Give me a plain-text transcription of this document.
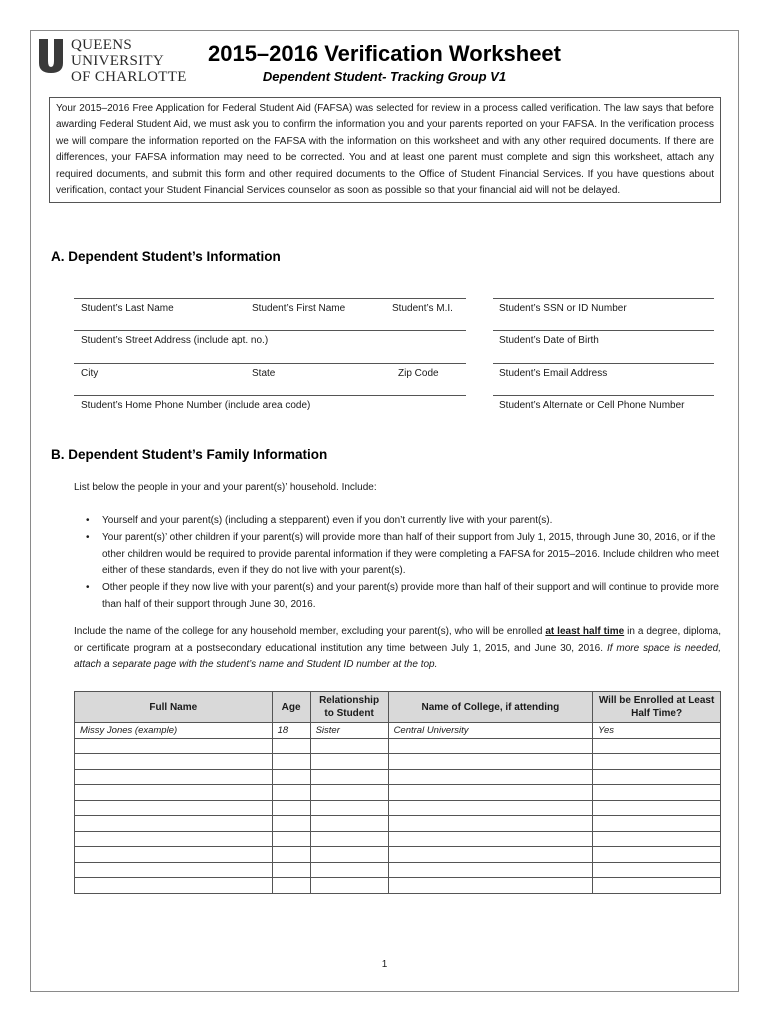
QUEENS UNIVERSITY
OF CHARLOTTE
2015–2016 Verification Worksheet
Dependent Student- Tracking Group V1
Your 2015–2016 Free Application for Federal Student Aid (FAFSA) was selected for review in a process called verification. The law says that before awarding Federal Student Aid, we must ask you to confirm the information you and your parents reported on your FAFSA. In the verification process we will compare the information reported on the FAFSA with the information on this worksheet and with any other required documents. If there are differences, your FAFSA information may need to be corrected. You and at least one parent must complete and sign this worksheet, attach any required documents, and submit this form and other required documents to the Office of Student Financial Services. If you have questions about verification, contact your Student Financial Services counselor as soon as possible so that your financial aid will not be delayed.
A. Dependent Student’s Information
Student’s Last Name	Student’s First Name	Student’s M.I.	Student’s SSN or ID Number
Student’s Street Address (include apt. no.)	Student’s Date of Birth
City	State	Zip Code	Student’s Email Address
Student’s Home Phone Number (include area code)	Student’s Alternate or Cell Phone Number
B. Dependent Student’s Family Information
List below the people in your and your parent(s)’ household. Include:
• Yourself and your parent(s) (including a stepparent) even if you don’t currently live with your parent(s).
• Your parent(s)’ other children if your parent(s) will provide more than half of their support from July 1, 2015, through June 30, 2016, or if the other children would be required to provide parental information if they were completing a FAFSA for 2015–2016. Include children who meet either of these standards, even if they do not live with your parent(s).
• Other people if they now live with your parent(s) and your parent(s) provide more than half of their support and will continue to provide more than half of their support through June 30, 2016.
Include the name of the college for any household member, excluding your parent(s), who will be enrolled at least half time in a degree, diploma, or certificate program at a postsecondary educational institution any time between July 1, 2015, and June 30, 2016. If more space is needed, attach a separate page with the student’s name and Student ID number at the top.
Full Name	Age	Relationship to Student	Name of College, if attending	Will be Enrolled at Least Half Time?
Missy Jones (example)	18	Sister	Central University	Yes

1
